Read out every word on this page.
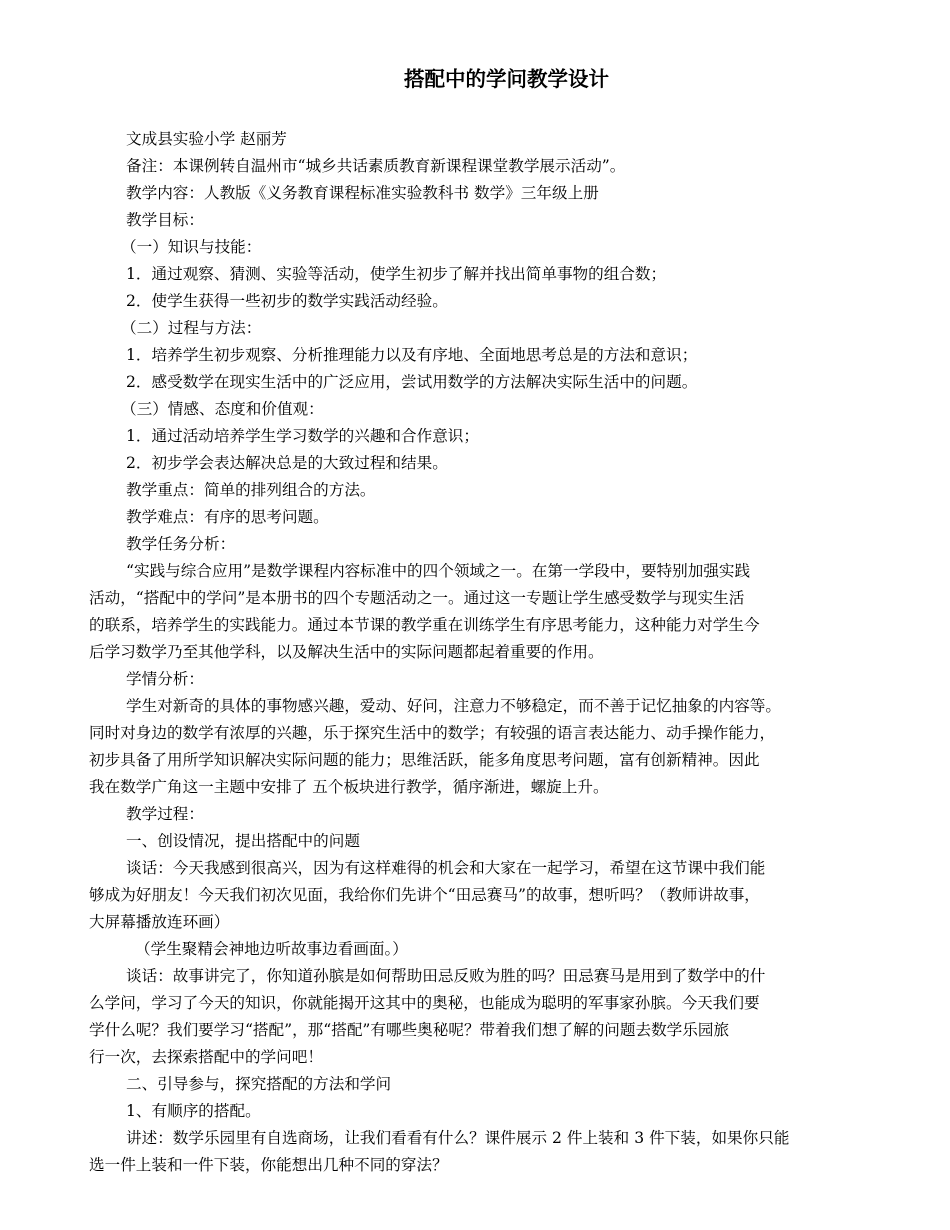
搭配中的学问教学设计
文成县实验小学 赵丽芳
备注：本课例转自温州市“城乡共话素质教育新课程课堂教学展示活动”。
教学内容：人教版《义务教育课程标准实验教科书 数学》三年级上册
教学目标：
（一）知识与技能：
1．通过观察、猜测、实验等活动，使学生初步了解并找出简单事物的组合数；
2．使学生获得一些初步的数学实践活动经验。
（二）过程与方法：
1．培养学生初步观察、分析推理能力以及有序地、全面地思考总是的方法和意识；
2．感受数学在现实生活中的广泛应用，尝试用数学的方法解决实际生活中的问题。
（三）情感、态度和价值观：
1．通过活动培养学生学习数学的兴趣和合作意识；
2．初步学会表达解决总是的大致过程和结果。
教学重点：简单的排列组合的方法。
教学难点：有序的思考问题。
教学任务分析：

“实践与综合应用”是数学课程内容标准中的四个领域之一。在第一学段中，要特别加强实践
活动，“搭配中的学问”是本册书的四个专题活动之一。通过这一专题让学生感受数学与现实生活
的联系，培养学生的实践能力。通过本节课的教学重在训练学生有序思考能力，这种能力对学生今
后学习数学乃至其他学科，以及解决生活中的实际问题都起着重要的作用。

学情分析：

学生对新奇的具体的事物感兴趣，爱动、好问，注意力不够稳定，而不善于记忆抽象的内容等。
同时对身边的数学有浓厚的兴趣，乐于探究生活中的数学；有较强的语言表达能力、动手操作能力，
初步具备了用所学知识解决实际问题的能力；思维活跃，能多角度思考问题，富有创新精神。因此
我在数学广角这一主题中安排了 五个板块进行教学，循序渐进，螺旋上升。

教学过程：
一、创设情况，提出搭配中的问题

谈话：今天我感到很高兴，因为有这样难得的机会和大家在一起学习，希望在这节课中我们能
够成为好朋友！今天我们初次见面，我给你们先讲个“田忌赛马”的故事，想听吗？（教师讲故事，
大屏幕播放连环画）

（学生聚精会神地边听故事边看画面。）

谈话：故事讲完了，你知道孙膑是如何帮助田忌反败为胜的吗？田忌赛马是用到了数学中的什
么学问，学习了今天的知识，你就能揭开这其中的奥秘，也能成为聪明的军事家孙膑。今天我们要
学什么呢？我们要学习“搭配”，那“搭配”有哪些奥秘呢？带着我们想了解的问题去数学乐园旅
行一次，去探索搭配中的学问吧！

二、引导参与，探究搭配的方法和学问
1、有顺序的搭配。

讲述：数学乐园里有自选商场，让我们看看有什么？课件展示 2 件上装和 3 件下装，如果你只能
选一件上装和一件下装，你能想出几种不同的穿法？
